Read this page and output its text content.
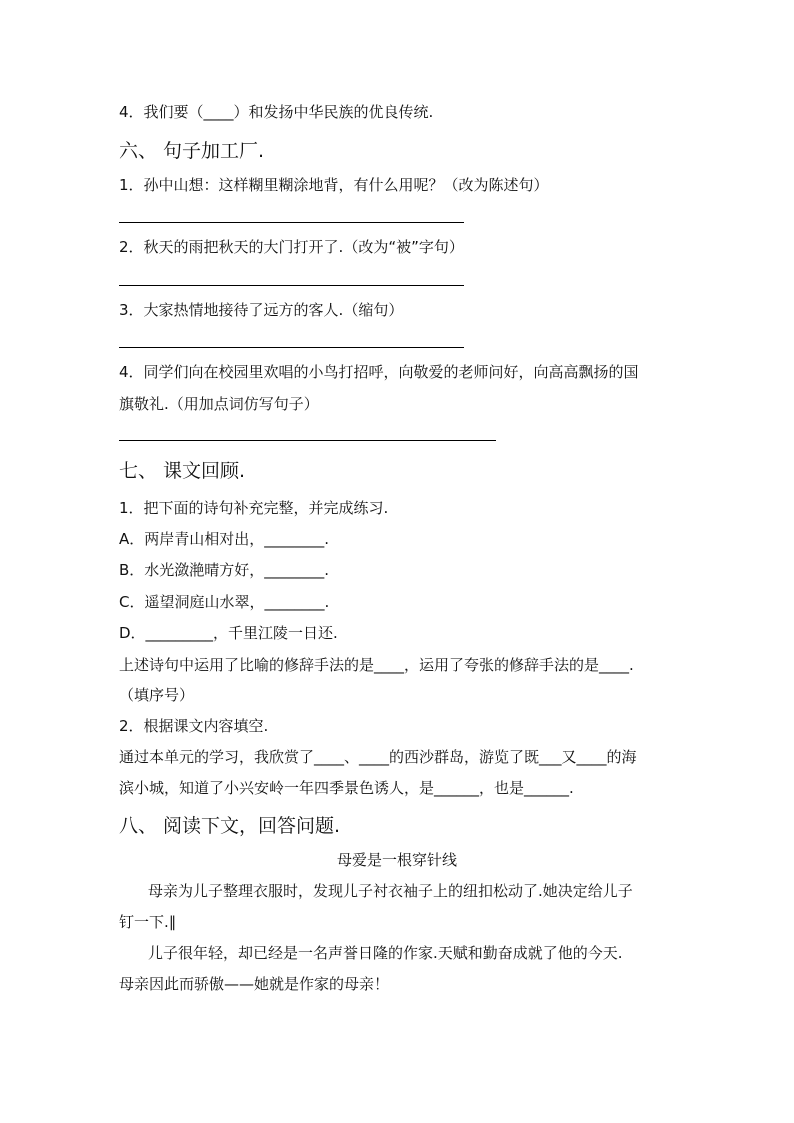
4．我们要（____）和发扬中华民族的优良传统.
六、 句子加工厂.
1．孙中山想：这样糊里糊涂地背，有什么用呢？（改为陈述句）
2．秋天的雨把秋天的大门打开了.（改为“被”字句）
3．大家热情地接待了远方的客人.（缩句）
4．同学们向在校园里欢唱的小鸟打招呼，向敬爱的老师问好，向高高飘扬的国
旗敬礼.（用加点词仿写句子）
七、 课文回顾.
1．把下面的诗句补充完整，并完成练习.
A．两岸青山相对出，________.
B．水光潋滟晴方好，________.
C．遥望洞庭山水翠，________.
D．_________，千里江陵一日还.
上述诗句中运用了比喻的修辞手法的是____，运用了夸张的修辞手法的是____.
（填序号）
2．根据课文内容填空.
通过本单元的学习，我欣赏了____、____的西沙群岛，游览了既___又____的海
滨小城，知道了小兴安岭一年四季景色诱人，是______，也是______.
八、 阅读下文，回答问题.
母爱是一根穿针线
母亲为儿子整理衣服时，发现儿子衬衣袖子上的纽扣松动了.她决定给儿子
钉一下.∥
儿子很年轻，却已经是一名声誉日隆的作家.天赋和勤奋成就了他的今天.
母亲因此而骄傲——她就是作家的母亲！
